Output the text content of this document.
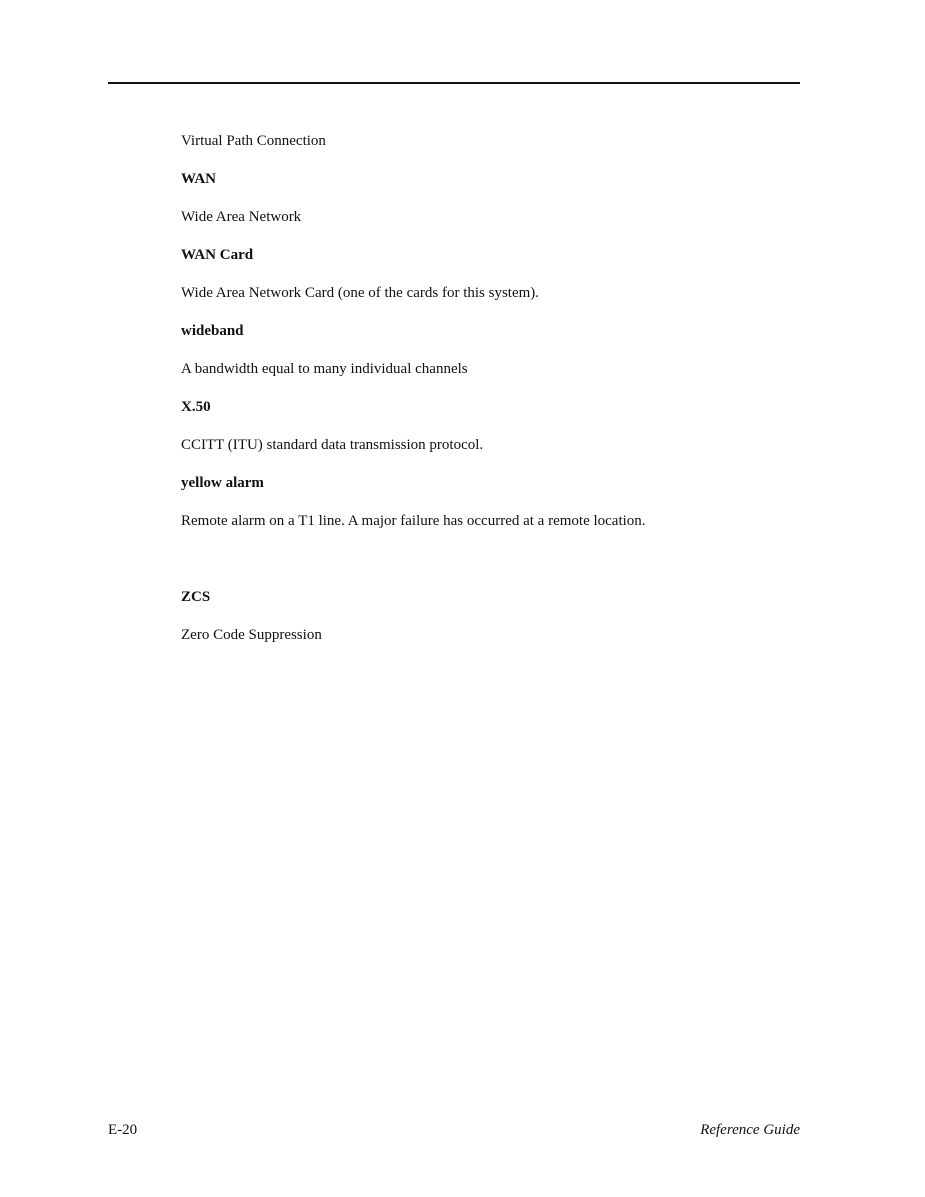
Virtual Path Connection

WAN

Wide Area Network

WAN Card

Wide Area Network Card (one of the cards for this system).

wideband

A bandwidth equal to many individual channels

X.50

CCITT (ITU) standard data transmission protocol.

yellow alarm

Remote alarm on a T1 line. A major failure has occurred at a remote location.

ZCS

Zero Code Suppression

E-20	Reference Guide
